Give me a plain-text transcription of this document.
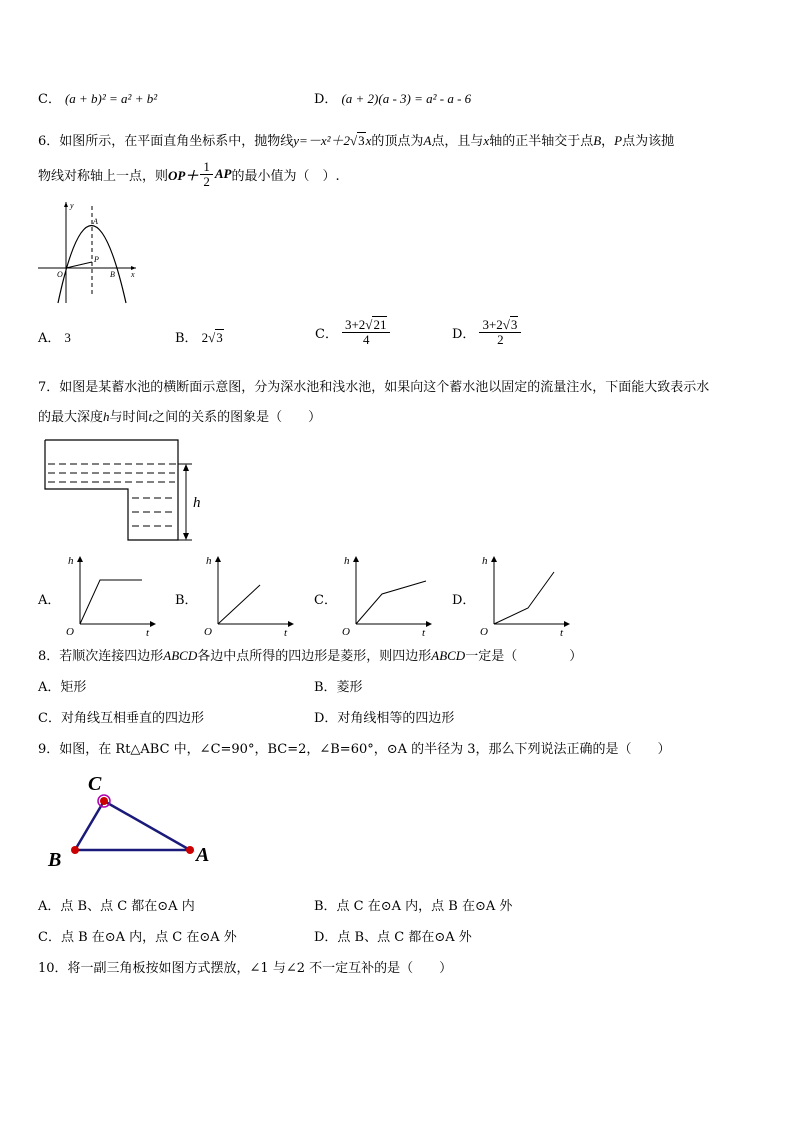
C． (a + b)² = a² + b²	D． (a + 2)(a - 3) = a² - a - 6
6．如图所示，在平面直角坐标系中，抛物线y=－x²＋2√3x的顶点为A点，且与x轴的正半轴交于点B，P点为该抛
物线对称轴上一点，则 $OP+ \frac{1}{2}$ AP 的最小值为（　）.
y
A
P
O	B x
A． 3	B． 2√3	C． $\frac{3+2√21}{4}$	D． $\frac{3+2√3}{2}$
7．如图是某蓄水池的横断面示意图，分为深水池和浅水池，如果向这个蓄水池以固定的流量注水，下面能大致表示水
的最大深度h与时间t之间的关系的图象是（　　）
h
A．
h
O	t
B．
h
O	t
C．
h
O	t
D．
h
O	t
8．若顺次连接四边形ABCD各边中点所得的四边形是菱形，则四边形ABCD一定是（　　　　）
A．矩形	B．菱形
C．对角线互相垂直的四边形	D．对角线相等的四边形
9．如图，在 Rt△ABC 中，∠C=90°，BC=2，∠B=60°，⊙A 的半径为 3，那么下列说法正确的是（　　）
C
B	A
A．点 B、点 C 都在⊙A 内	B．点 C 在⊙A 内，点 B 在⊙A 外
C．点 B 在⊙A 内，点 C 在⊙A 外	D．点 B、点 C 都在⊙A 外
10．将一副三角板按如图方式摆放，∠1 与∠2 不一定互补的是（　　）
